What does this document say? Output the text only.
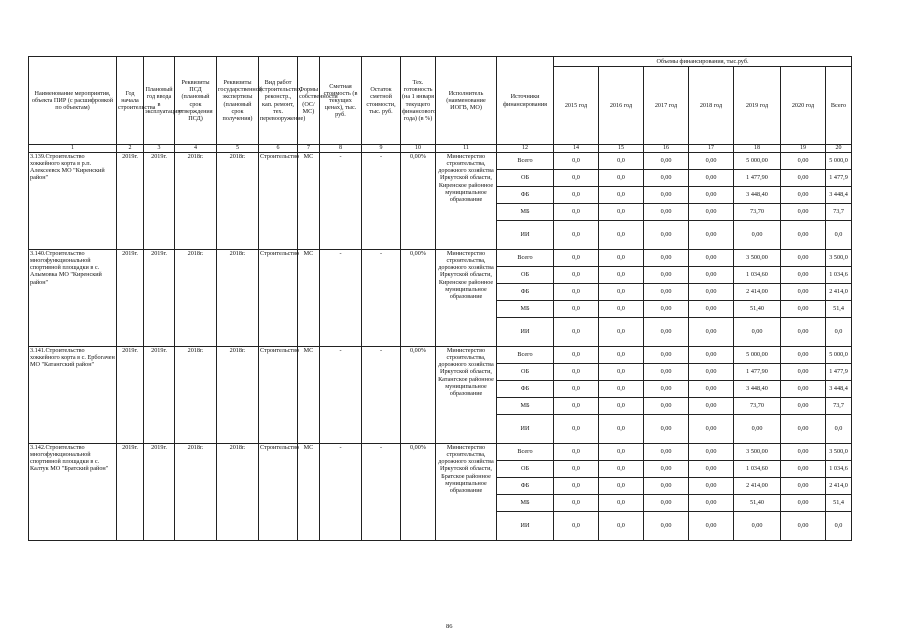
Наименование мероприятия, объекта ПИР (с расшифровкой по объектам)	Год начала строительства	Плановый год ввода в эксплуатацию	Реквизиты ПСД (плановый срок утверждения ПСД)	Реквизиты государственной экспертизы (плановый срок получения)	Вид работ (строительство, реконстр., кап. ремонт, тех. перевооружение)	Формы собственности (ОС/МС)	Сметная стоимость (в текущих ценах), тыс. руб.	Остаток сметной стоимости, тыс. руб.	Тех. готовность (на 1 января текущего финансового года) (в %)	Исполнитель (наименование ИОГВ, МО)	Источники финансирования	Объемы финансирования, тыс.руб.						
												2015 год	2016 год	2017 год	2018 год	2019 год	2020 год	Всего
1	2	3	4	5	6	7	8	9	10	11	12	14	15	16	17	18	19	20
3.139.Строительство хоккейного корта в р.п. Алексеевск МО "Киренский район"	2019г.	2019г.	2018г.	2018г.	Строительство	МС	-	-	0,00%	Министерство строительства, дорожного хозяйства Иркутской области, Киренское районное муниципальное образование	Всего	0,0	0,0	0,00	0,00	5 000,00	0,00	5 000,0
											ОБ	0,0	0,0	0,00	0,00	1 477,90	0,00	1 477,9
											ФБ	0,0	0,0	0,00	0,00	3 448,40	0,00	3 448,4
											МБ	0,0	0,0	0,00	0,00	73,70	0,00	73,7
											ИИ	0,0	0,0	0,00	0,00	0,00	0,00	0,0
3.140.Строительство многофункциональной спортивной площадки в с. Алымовка МО "Киренский район"	2019г.	2019г.	2018г.	2018г.	Строительство	МС	-	-	0,00%	Министерство строительства, дорожного хозяйства Иркутской области, Киренское районное муниципальное образование	Всего	0,0	0,0	0,00	0,00	3 500,00	0,00	3 500,0
											ОБ	0,0	0,0	0,00	0,00	1 034,60	0,00	1 034,6
											ФБ	0,0	0,0	0,00	0,00	2 414,00	0,00	2 414,0
											МБ	0,0	0,0	0,00	0,00	51,40	0,00	51,4
											ИИ	0,0	0,0	0,00	0,00	0,00	0,00	0,0
3.141.Строительство хоккейного корта в с. Ербогачен МО "Катангский район"	2019г.	2019г.	2018г.	2018г.	Строительство	МС	-	-	0,00%	Министерство строительства, дорожного хозяйства Иркутской области, Катангское районное муниципальное образование	Всего	0,0	0,0	0,00	0,00	5 000,00	0,00	5 000,0
											ОБ	0,0	0,0	0,00	0,00	1 477,90	0,00	1 477,9
											ФБ	0,0	0,0	0,00	0,00	3 448,40	0,00	3 448,4
											МБ	0,0	0,0	0,00	0,00	73,70	0,00	73,7
											ИИ	0,0	0,0	0,00	0,00	0,00	0,00	0,0
3.142.Строительство многофункциональной спортивной площадки в с. Калтук МО "Братский район"	2019г.	2019г.	2018г.	2018г.	Строительство	МС	-	-	0,00%	Министерство строительства, дорожного хозяйства Иркутской области, Братское районное муниципальное образование	Всего	0,0	0,0	0,00	0,00	3 500,00	0,00	3 500,0
											ОБ	0,0	0,0	0,00	0,00	1 034,60	0,00	1 034,6
											ФБ	0,0	0,0	0,00	0,00	2 414,00	0,00	2 414,0
											МБ	0,0	0,0	0,00	0,00	51,40	0,00	51,4
											ИИ	0,0	0,0	0,00	0,00	0,00	0,00	0,0
86
